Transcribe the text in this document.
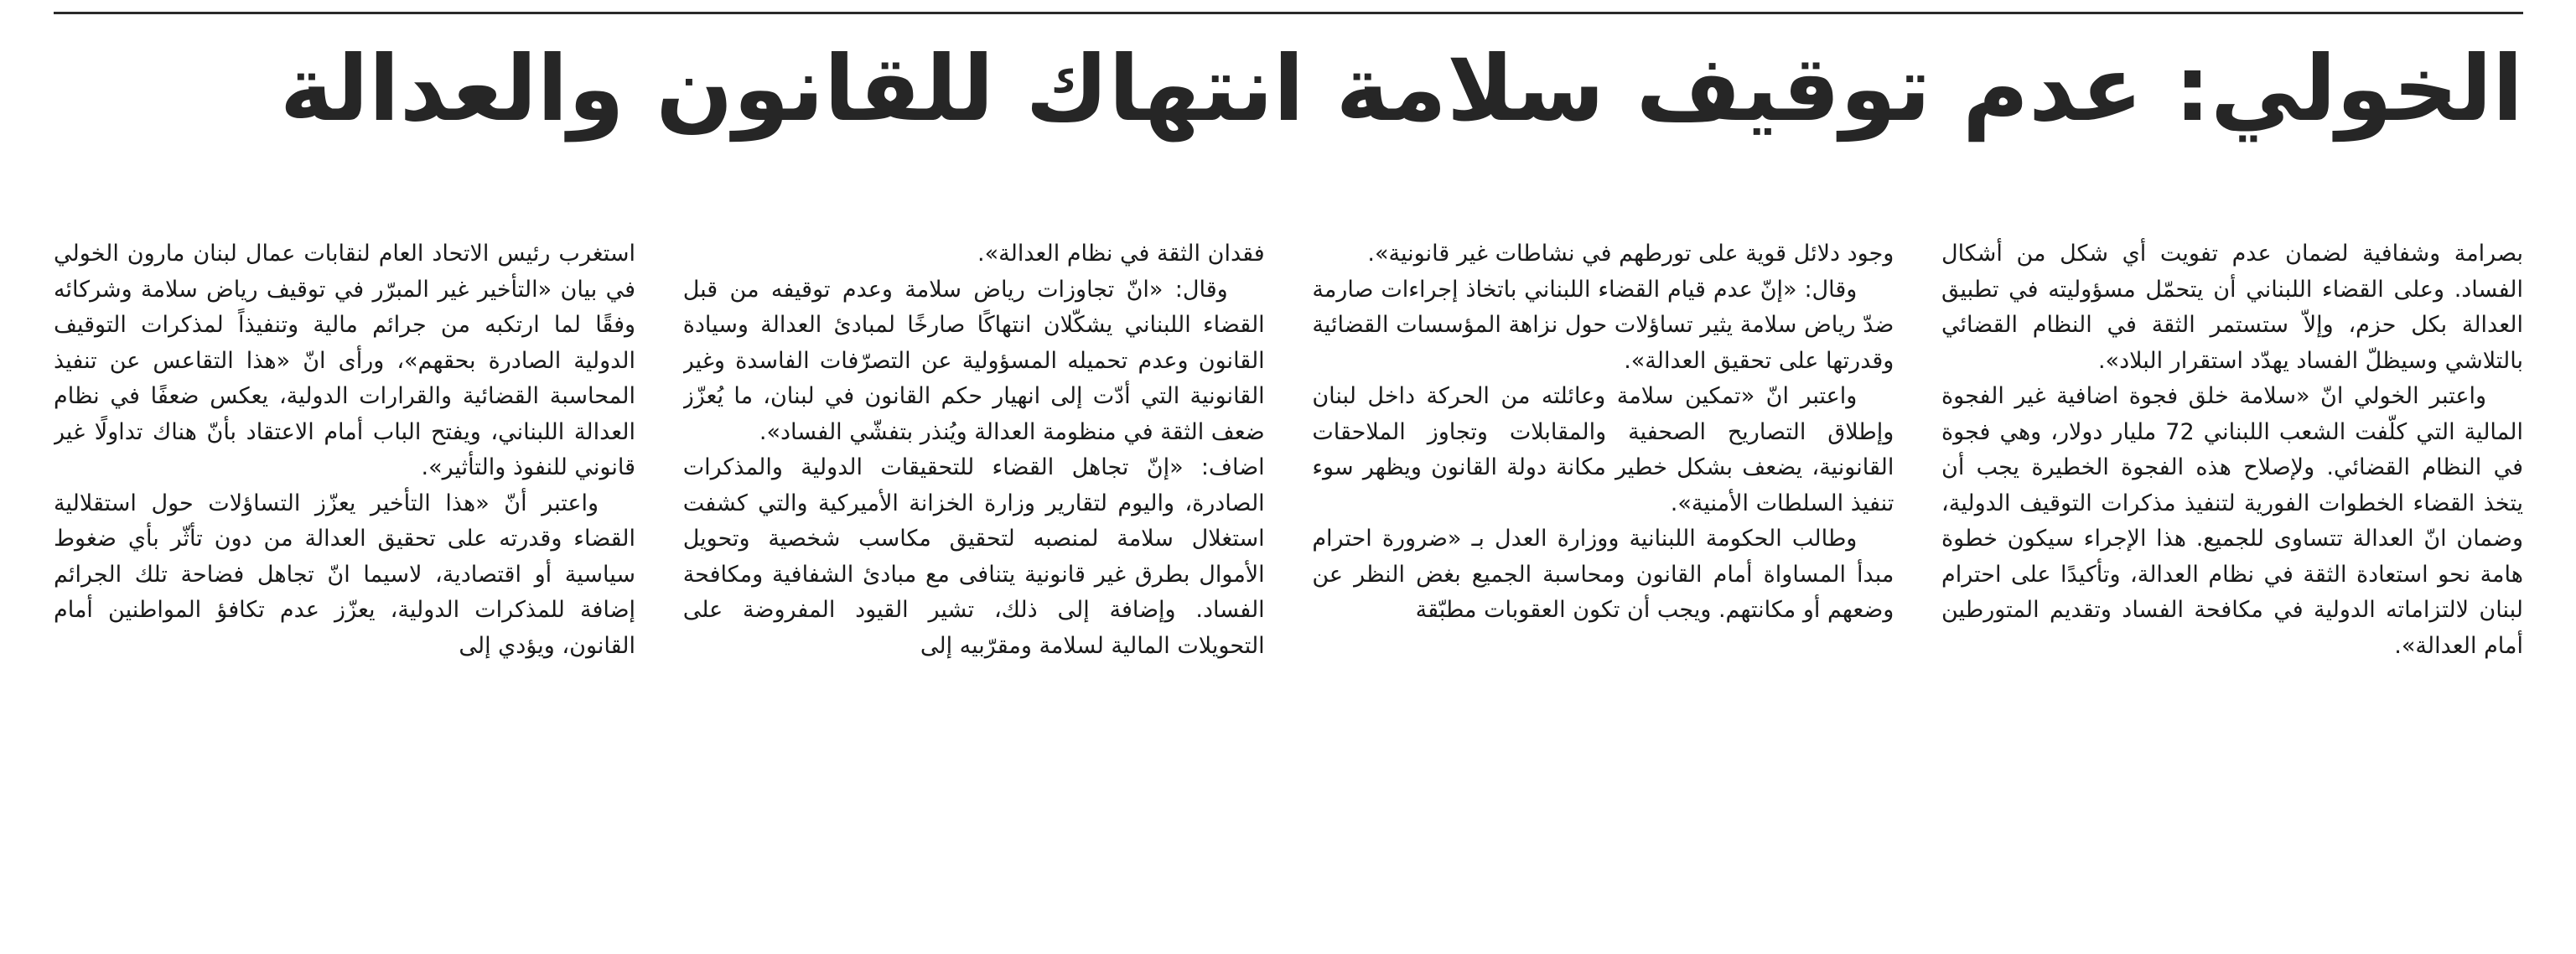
الخولي: عدم توقيف سلامة انتهاك للقانون والعدالة

استغرب رئيس الاتحاد العام لنقابات عمال لبنان مارون الخولي في بيان «التأخير غير المبرّر في توقيف رياض سلامة وشركائه وفقًا لما ارتكبه من جرائم مالية وتنفيذاً لمذكرات التوقيف الدولية الصادرة بحقهم»، ورأى انّ «هذا التقاعس عن تنفيذ المحاسبة القضائية والقرارات الدولية، يعكس ضعفًا في نظام العدالة اللبناني، ويفتح الباب أمام الاعتقاد بأنّ هناك تداولًا غير قانوني للنفوذ والتأثير».

واعتبر أنّ «هذا التأخير يعزّز التساؤلات حول استقلالية القضاء وقدرته على تحقيق العدالة من دون تأثّر بأي ضغوط سياسية أو اقتصادية، لاسيما انّ تجاهل فضاحة تلك الجرائم إضافة للمذكرات الدولية، يعزّز عدم تكافؤ المواطنين أمام القانون، ويؤدي إلى

فقدان الثقة في نظام العدالة».

وقال: «انّ تجاوزات رياض سلامة وعدم توقيفه من قبل القضاء اللبناني يشكّلان انتهاكًا صارخًا لمبادئ العدالة وسيادة القانون وعدم تحميله المسؤولية عن التصرّفات الفاسدة وغير القانونية التي أدّت إلى انهيار حكم القانون في لبنان، ما يُعزّز ضعف الثقة في منظومة العدالة ويُنذر بتفشّي الفساد».

اضاف: «إنّ تجاهل القضاء للتحقيقات الدولية والمذكرات الصادرة، واليوم لتقارير وزارة الخزانة الأميركية والتي كشفت استغلال سلامة لمنصبه لتحقيق مكاسب شخصية وتحويل الأموال بطرق غير قانونية يتنافى مع مبادئ الشفافية ومكافحة الفساد. وإضافة إلى ذلك، تشير القيود المفروضة على التحويلات المالية لسلامة ومقرّبيه إلى

وجود دلائل قوية على تورطهم في نشاطات غير قانونية».

وقال: «إنّ عدم قيام القضاء اللبناني باتخاذ إجراءات صارمة ضدّ رياض سلامة يثير تساؤلات حول نزاهة المؤسسات القضائية وقدرتها على تحقيق العدالة».

واعتبر انّ «تمكين سلامة وعائلته من الحركة داخل لبنان وإطلاق التصاريح الصحفية والمقابلات وتجاوز الملاحقات القانونية، يضعف بشكل خطير مكانة دولة القانون ويظهر سوء تنفيذ السلطات الأمنية».

وطالب الحكومة اللبنانية ووزارة العدل بـ «ضرورة احترام مبدأ المساواة أمام القانون ومحاسبة الجميع بغض النظر عن وضعهم أو مكانتهم. ويجب أن تكون العقوبات مطبّقة

بصرامة وشفافية لضمان عدم تفويت أي شكل من أشكال الفساد. وعلى القضاء اللبناني أن يتحمّل مسؤوليته في تطبيق العدالة بكل حزم، وإلاّ ستستمر الثقة في النظام القضائي بالتلاشي وسيظلّ الفساد يهدّد استقرار البلاد».

واعتبر الخولي انّ «سلامة خلق فجوة اضافية غير الفجوة المالية التي كلّفت الشعب اللبناني 72 مليار دولار، وهي فجوة في النظام القضائي. ولإصلاح هذه الفجوة الخطيرة يجب أن يتخذ القضاء الخطوات الفورية لتنفيذ مذكرات التوقيف الدولية، وضمان انّ العدالة تتساوى للجميع. هذا الإجراء سيكون خطوة هامة نحو استعادة الثقة في نظام العدالة، وتأكيدًا على احترام لبنان لالتزاماته الدولية في مكافحة الفساد وتقديم المتورطين أمام العدالة».
